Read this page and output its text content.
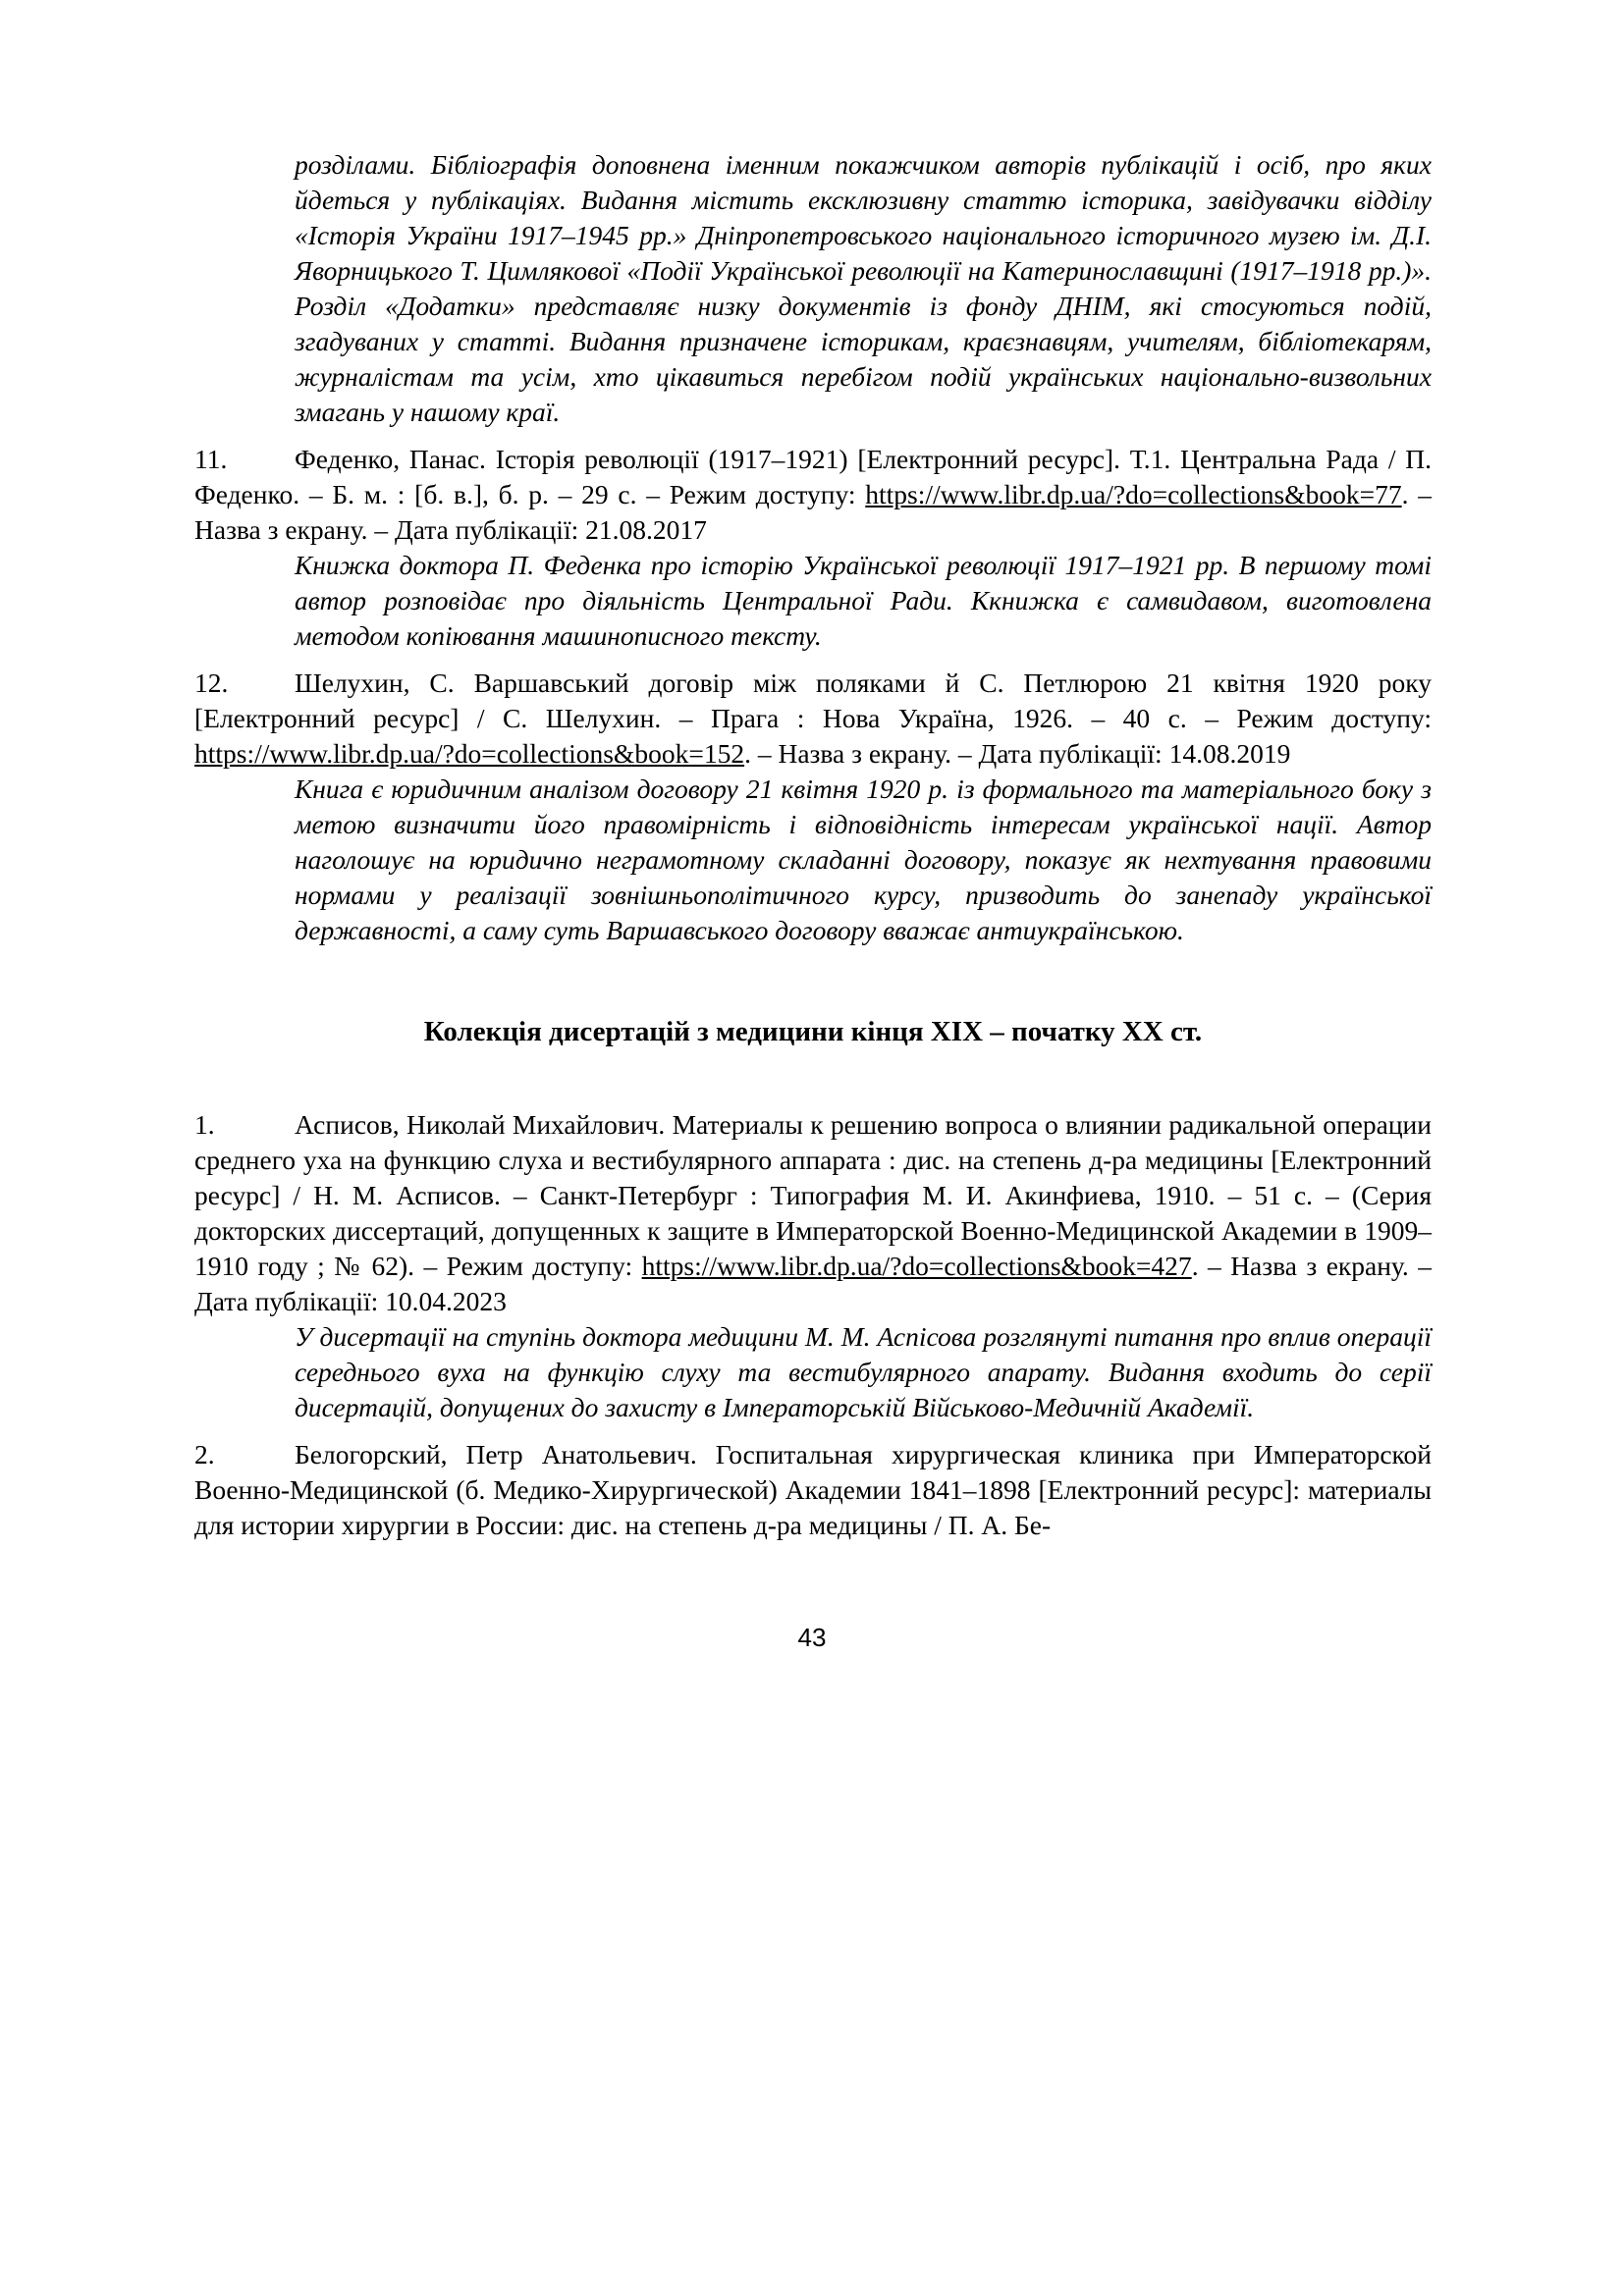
розділами. Бібліографія доповнена іменним покажчиком авторів публікацій і осіб, про яких йдеться у публікаціях. Видання містить ексклюзивну статтю історика, завідувачки відділу «Історія України 1917–1945 рр.» Дніпропетровського національного історичного музею ім. Д.І. Яворницького Т. Цимлякової «Події Української революції на Катеринославщині (1917–1918 рр.)». Розділ «Додатки» представляє низку документів із фонду ДНІМ, які стосуються подій, згадуваних у статті. Видання призначене історикам, краєзнавцям, учителям, бібліотекарям, журналістам та усім, хто цікавиться перебігом подій українських національно-визвольних змагань у нашому краї.

11. Феденко, Панас. Історія революції (1917–1921) [Електронний ресурс]. Т.1. Центральна Рада / П. Феденко. – Б. м. : [б. в.], б. р. – 29 с. – Режим доступу: https://www.libr.dp.ua/?do=collections&book=77. – Назва з екрану. – Дата публікації: 21.08.2017

Книжка доктора П. Феденка про історію Української революції 1917–1921 рр. В першому томі автор розповідає про діяльність Центральної Ради. Ккнижка є самвидавом, виготовлена методом копіювання машинописного тексту.

12. Шелухин, С. Варшавський договір між поляками й С. Петлюрою 21 квітня 1920 року [Електронний ресурс] / С. Шелухин. – Прага : Нова Україна, 1926. – 40 с. – Режим доступу: https://www.libr.dp.ua/?do=collections&book=152. – Назва з екрану. – Дата публікації: 14.08.2019

Книга є юридичним аналізом договору 21 квітня 1920 р. із формального та матеріального боку з метою визначити його правомірність і відповідність інтересам української нації. Автор наголошує на юридично неграмотному складанні договору, показує як нехтування правовими нормами у реалізації зовнішньополітичного курсу, призводить до занепаду української державності, а саму суть Варшавського договору вважає антиукраїнською.

Колекція дисертацій з медицини кінця XIX – початку XX ст.

1.	Асписов, Николай Михайлович. Материалы к решению вопроса о влиянии радикальной операции среднего уха на функцию слуха и вестибулярного аппарата : дис. на степень д-ра медицины [Електронний ресурс] / Н. М. Асписов. – Санкт-Петербург : Типография М. И. Акинфиева, 1910. – 51 с. – (Серия докторских диссертаций, допущенных к защите в Императорской Военно-Медицинской Академии в 1909–1910 году ; № 62). – Режим доступу: https://www.libr.dp.ua/?do=collections&book=427. – Назва з екрану. – Дата публікації: 10.04.2023

У дисертації на ступінь доктора медицини М. М. Аспісова розглянуті питання про вплив операції середнього вуха на функцію слуху та вестибулярного апарату. Видання входить до серії дисертацій, допущених до захисту в Імператорській Військово-Медичній Академії.

2.	Белогорский, Петр Анатольевич. Госпитальная хирургическая клиника при Императорской Военно-Медицинской (б. Медико-Хирургической) Академии 1841–1898 [Електронний ресурс]: материалы для истории хирургии в России: дис. на степень д-ра медицины / П. А. Бе-

43
